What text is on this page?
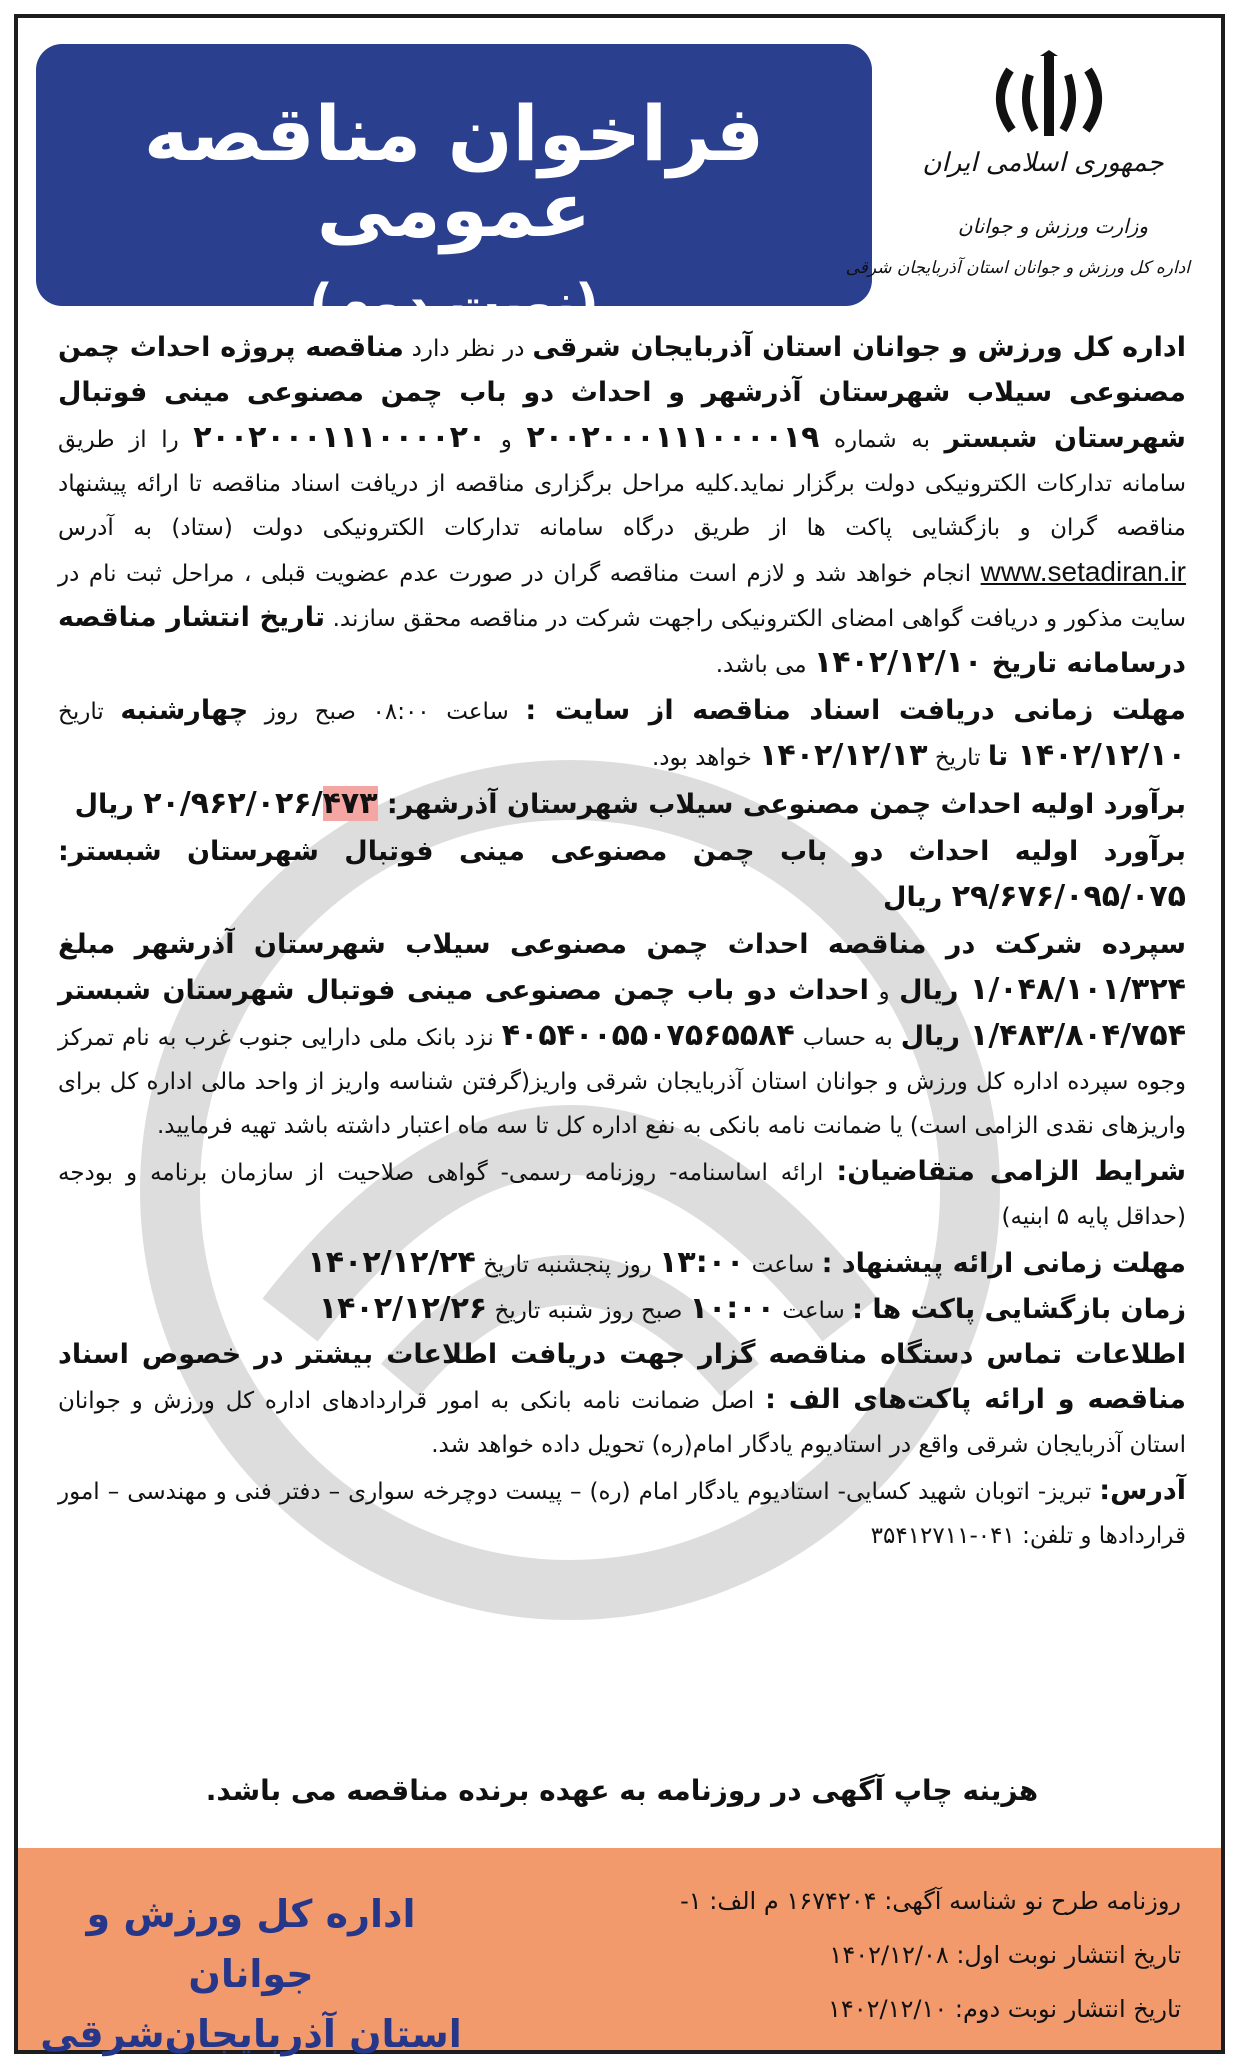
فراخوان مناقصه عمومی
(نوبت دوم)
جمهوری اسلامی ایران
وزارت ورزش و جوانان
اداره کل ورزش و جوانان استان آذربایجان شرقی

اداره کل ورزش و جوانان استان آذربایجان شرقی در نظر دارد مناقصه پروژه احداث چمن مصنوعی سیلاب شهرستان آذرشهر و احداث دو باب چمن مصنوعی مینی فوتبال شهرستان شبستر به شماره ۲۰۰۲۰۰۰۱۱۱۰۰۰۰۱۹ و ۲۰۰۲۰۰۰۱۱۱۰۰۰۰۲۰ را از طریق سامانه تدارکات الکترونیکی دولت برگزار نماید.کلیه مراحل برگزاری مناقصه از دریافت اسناد مناقصه تا ارائه پیشنهاد مناقصه گران و بازگشایی پاکت ها از طریق درگاه سامانه تدارکات الکترونیکی دولت (ستاد) به آدرس www.setadiran.ir انجام خواهد شد و لازم است مناقصه گران در صورت عدم عضویت قبلی ، مراحل ثبت نام در سایت مذکور و دریافت گواهی امضای الکترونیکی راجهت شرکت در مناقصه محقق سازند. تاریخ انتشار مناقصه درسامانه تاریخ ۱۴۰۲/۱۲/۱۰ می باشد.

مهلت زمانی دریافت اسناد مناقصه از سایت : ساعت ۰۸:۰۰ صبح روز چهارشنبه تاریخ ۱۴۰۲/۱۲/۱۰ تا تاریخ ۱۴۰۲/۱۲/۱۳ خواهد بود.

برآورد اولیه احداث چمن مصنوعی سیلاب شهرستان آذرشهر: ۲۰/۹۶۲/۰۲۶/۴۷۳ ریال

برآورد اولیه احداث دو باب چمن مصنوعی مینی فوتبال شهرستان شبستر: ۲۹/۶۷۶/۰۹۵/۰۷۵ ریال

سپرده شرکت در مناقصه احداث چمن مصنوعی سیلاب شهرستان آذرشهر مبلغ ۱/۰۴۸/۱۰۱/۳۲۴ ریال و احداث دو باب چمن مصنوعی مینی فوتبال شهرستان شبستر ۱/۴۸۳/۸۰۴/۷۵۴ ریال به حساب ۴۰۵۴۰۰۵۵۰۷۵۶۵۵۸۴ نزد بانک ملی دارایی جنوب غرب به نام تمرکز وجوه سپرده اداره کل ورزش و جوانان استان آذربایجان شرقی واریز(گرفتن شناسه واریز از واحد مالی اداره کل برای واریزهای نقدی الزامی است) یا ضمانت نامه بانکی به نفع اداره کل تا سه ماه اعتبار داشته باشد تهیه فرمایید.

شرایط الزامی متقاضیان: ارائه اساسنامه- روزنامه رسمی- گواهی صلاحیت از سازمان برنامه و بودجه (حداقل پایه ۵ ابنیه)

مهلت زمانی ارائه پیشنهاد : ساعت ۱۳:۰۰ روز پنجشنبه تاریخ ۱۴۰۲/۱۲/۲۴

زمان بازگشایی پاکت ها : ساعت ۱۰:۰۰ صبح روز شنبه تاریخ ۱۴۰۲/۱۲/۲۶

اطلاعات تماس دستگاه مناقصه گزار جهت دریافت اطلاعات بیشتر در خصوص اسناد مناقصه و ارائه پاکت‌های الف : اصل ضمانت نامه بانکی به امور قراردادهای اداره کل ورزش و جوانان استان آذربایجان شرقی واقع در استادیوم یادگار امام(ره) تحویل داده خواهد شد.

آدرس: تبریز- اتوبان شهید کسایی- استادیوم یادگار امام (ره) – پیست دوچرخه سواری – دفتر فنی و مهندسی – امور قراردادها و تلفن: ۰۴۱-۳۵۴۱۲۷۱۱

هزینه چاپ آگهی در روزنامه به عهده برنده مناقصه می باشد.
روزنامه طرح نو شناسه آگهی: ۱۶۷۴۲۰۴ م الف: ۱-
تاریخ انتشار نوبت اول: ۱۴۰۲/۱۲/۰۸
تاریخ انتشار نوبت دوم: ۱۴۰۲/۱۲/۱۰
اداره کل ورزش و جوانان
استان آذربایجان‌شرقی
